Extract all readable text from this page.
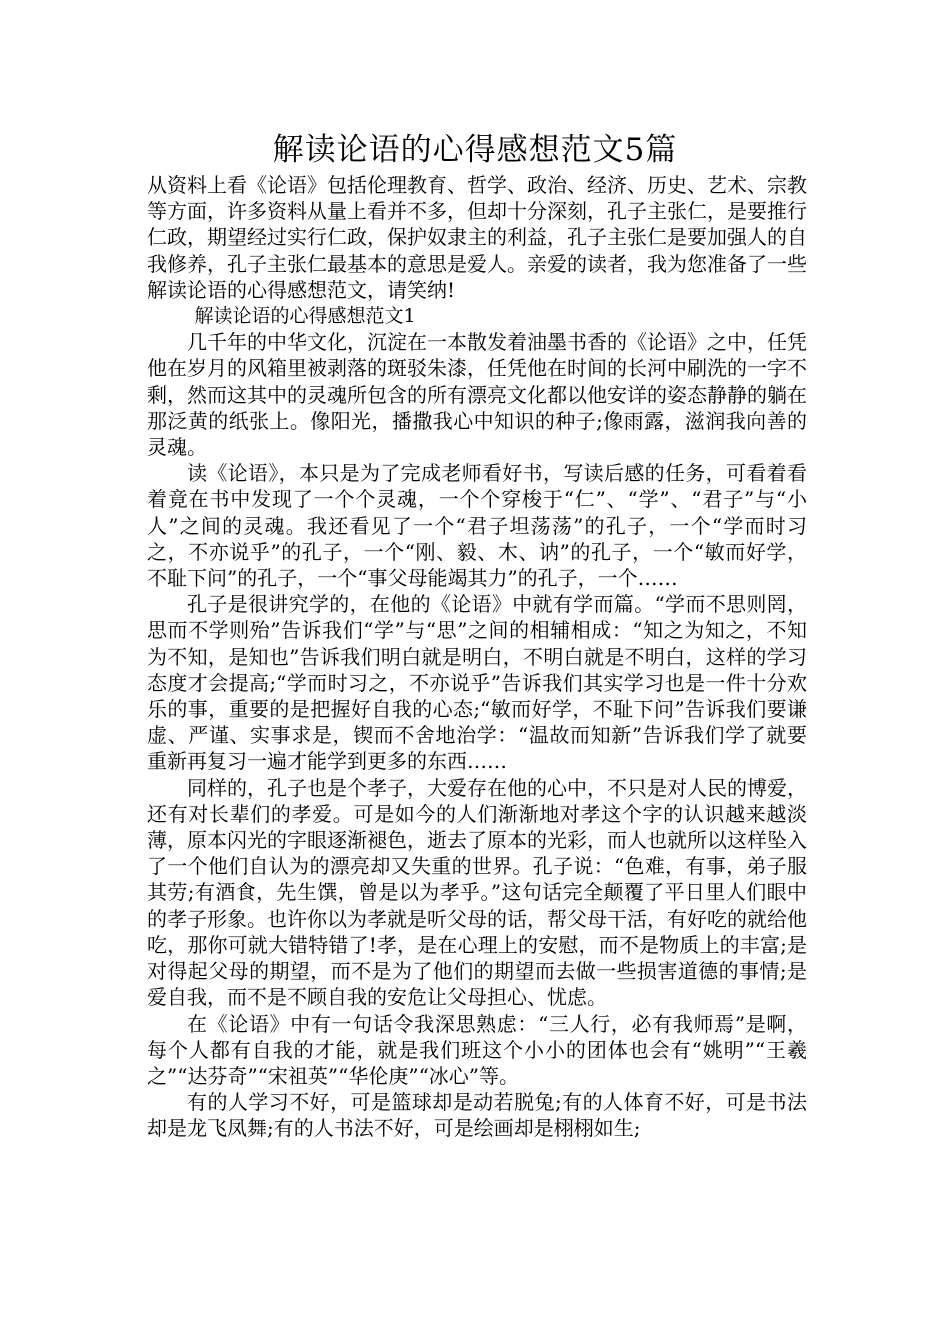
解读论语的心得感想范文5篇

从资料上看《论语》包括伦理教育、哲学、政治、经济、历史、艺术、宗教等方面，许多资料从量上看并不多，但却十分深刻，孔子主张仁，是要推行仁政，期望经过实行仁政，保护奴隶主的利益，孔子主张仁是要加强人的自我修养，孔子主张仁最基本的意思是爱人。亲爱的读者，我为您准备了一些解读论语的心得感想范文，请笑纳!

解读论语的心得感想范文1

几千年的中华文化，沉淀在一本散发着油墨书香的《论语》之中，任凭他在岁月的风箱里被剥落的斑驳朱漆，任凭他在时间的长河中刷洗的一字不剩，然而这其中的灵魂所包含的所有漂亮文化都以他安详的姿态静静的躺在那泛黄的纸张上。像阳光，播撒我心中知识的种子;像雨露，滋润我向善的灵魂。

读《论语》，本只是为了完成老师看好书，写读后感的任务，可看着看着竟在书中发现了一个个灵魂，一个个穿梭于“仁”、“学”、“君子”与“小人”之间的灵魂。我还看见了一个“君子坦荡荡”的孔子，一个“学而时习之，不亦说乎”的孔子，一个“刚、毅、木、讷”的孔子，一个“敏而好学，不耻下问”的孔子，一个“事父母能竭其力”的孔子，一个……

孔子是很讲究学的，在他的《论语》中就有学而篇。“学而不思则罔，思而不学则殆”告诉我们“学”与“思”之间的相辅相成：“知之为知之，不知为不知，是知也”告诉我们明白就是明白，不明白就是不明白，这样的学习态度才会提高;“学而时习之，不亦说乎”告诉我们其实学习也是一件十分欢乐的事，重要的是把握好自我的心态;“敏而好学，不耻下问”告诉我们要谦虚、严谨、实事求是，锲而不舍地治学：“温故而知新”告诉我们学了就要重新再复习一遍才能学到更多的东西……

同样的，孔子也是个孝子，大爱存在他的心中，不只是对人民的博爱，还有对长辈们的孝爱。可是如今的人们渐渐地对孝这个字的认识越来越淡薄，原本闪光的字眼逐渐褪色，逝去了原本的光彩，而人也就所以这样坠入了一个他们自认为的漂亮却又失重的世界。孔子说：“色难，有事，弟子服其劳;有酒食，先生馔，曾是以为孝乎。”这句话完全颠覆了平日里人们眼中的孝子形象。也许你以为孝就是听父母的话，帮父母干活，有好吃的就给他吃，那你可就大错特错了!孝，是在心理上的安慰，而不是物质上的丰富;是对得起父母的期望，而不是为了他们的期望而去做一些损害道德的事情;是爱自我，而不是不顾自我的安危让父母担心、忧虑。

在《论语》中有一句话令我深思熟虑：“三人行，必有我师焉”是啊，每个人都有自我的才能，就是我们班这个小小的团体也会有“姚明”“王羲之”“达芬奇”“宋祖英”“华伦庚”“冰心”等。

有的人学习不好，可是篮球却是动若脱兔;有的人体育不好，可是书法却是龙飞凤舞;有的人书法不好，可是绘画却是栩栩如生;
